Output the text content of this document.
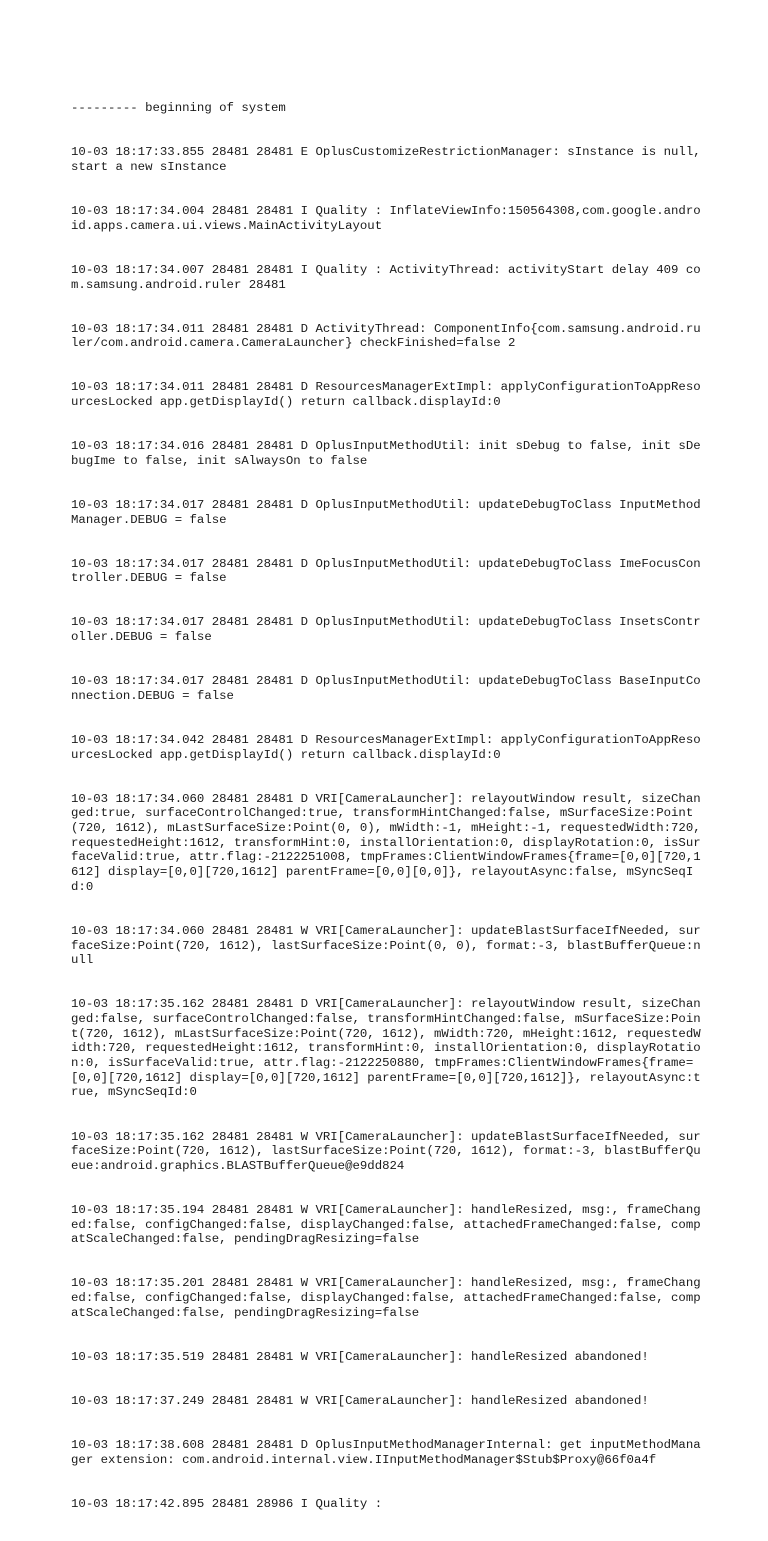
--------- beginning of system

10-03 18:17:33.855 28481 28481 E OplusCustomizeRestrictionManager: sInstance is null, start a new sInstance

10-03 18:17:34.004 28481 28481 I Quality : InflateViewInfo:150564308,com.google.android.apps.camera.ui.views.MainActivityLayout

10-03 18:17:34.007 28481 28481 I Quality : ActivityThread: activityStart delay 409 com.samsung.android.ruler 28481

10-03 18:17:34.011 28481 28481 D ActivityThread: ComponentInfo{com.samsung.android.ruler/com.android.camera.CameraLauncher} checkFinished=false 2

10-03 18:17:34.011 28481 28481 D ResourcesManagerExtImpl: applyConfigurationToAppResourcesLocked app.getDisplayId() return callback.displayId:0

10-03 18:17:34.016 28481 28481 D OplusInputMethodUtil: init sDebug to false, init sDebugIme to false, init sAlwaysOn to false

10-03 18:17:34.017 28481 28481 D OplusInputMethodUtil: updateDebugToClass InputMethodManager.DEBUG = false

10-03 18:17:34.017 28481 28481 D OplusInputMethodUtil: updateDebugToClass ImeFocusController.DEBUG = false

10-03 18:17:34.017 28481 28481 D OplusInputMethodUtil: updateDebugToClass InsetsController.DEBUG = false

10-03 18:17:34.017 28481 28481 D OplusInputMethodUtil: updateDebugToClass BaseInputConnection.DEBUG = false

10-03 18:17:34.042 28481 28481 D ResourcesManagerExtImpl: applyConfigurationToAppResourcesLocked app.getDisplayId() return callback.displayId:0

10-03 18:17:34.060 28481 28481 D VRI[CameraLauncher]: relayoutWindow result, sizeChanged:true, surfaceControlChanged:true, transformHintChanged:false, mSurfaceSize:Point(720, 1612), mLastSurfaceSize:Point(0, 0), mWidth:-1, mHeight:-1, requestedWidth:720, requestedHeight:1612, transformHint:0, installOrientation:0, displayRotation:0, isSurfaceValid:true, attr.flag:-2122251008, tmpFrames:ClientWindowFrames{frame=[0,0][720,1612] display=[0,0][720,1612] parentFrame=[0,0][0,0]}, relayoutAsync:false, mSyncSeqId:0

10-03 18:17:34.060 28481 28481 W VRI[CameraLauncher]: updateBlastSurfaceIfNeeded, surfaceSize:Point(720, 1612), lastSurfaceSize:Point(0, 0), format:-3, blastBufferQueue:null

10-03 18:17:35.162 28481 28481 D VRI[CameraLauncher]: relayoutWindow result, sizeChanged:false, surfaceControlChanged:false, transformHintChanged:false, mSurfaceSize:Point(720, 1612), mLastSurfaceSize:Point(720, 1612), mWidth:720, mHeight:1612, requestedWidth:720, requestedHeight:1612, transformHint:0, installOrientation:0, displayRotation:0, isSurfaceValid:true, attr.flag:-2122250880, tmpFrames:ClientWindowFrames{frame=[0,0][720,1612] display=[0,0][720,1612] parentFrame=[0,0][720,1612]}, relayoutAsync:true, mSyncSeqId:0

10-03 18:17:35.162 28481 28481 W VRI[CameraLauncher]: updateBlastSurfaceIfNeeded, surfaceSize:Point(720, 1612), lastSurfaceSize:Point(720, 1612), format:-3, blastBufferQueue:android.graphics.BLASTBufferQueue@e9dd824

10-03 18:17:35.194 28481 28481 W VRI[CameraLauncher]: handleResized, msg:, frameChanged:false, configChanged:false, displayChanged:false, attachedFrameChanged:false, compatScaleChanged:false, pendingDragResizing=false

10-03 18:17:35.201 28481 28481 W VRI[CameraLauncher]: handleResized, msg:, frameChanged:false, configChanged:false, displayChanged:false, attachedFrameChanged:false, compatScaleChanged:false, pendingDragResizing=false

10-03 18:17:35.519 28481 28481 W VRI[CameraLauncher]: handleResized abandoned!

10-03 18:17:37.249 28481 28481 W VRI[CameraLauncher]: handleResized abandoned!

10-03 18:17:38.608 28481 28481 D OplusInputMethodManagerInternal: get inputMethodManager extension: com.android.internal.view.IInputMethodManager$Stub$Proxy@66f0a4f

10-03 18:17:42.895 28481 28986 I Quality :
